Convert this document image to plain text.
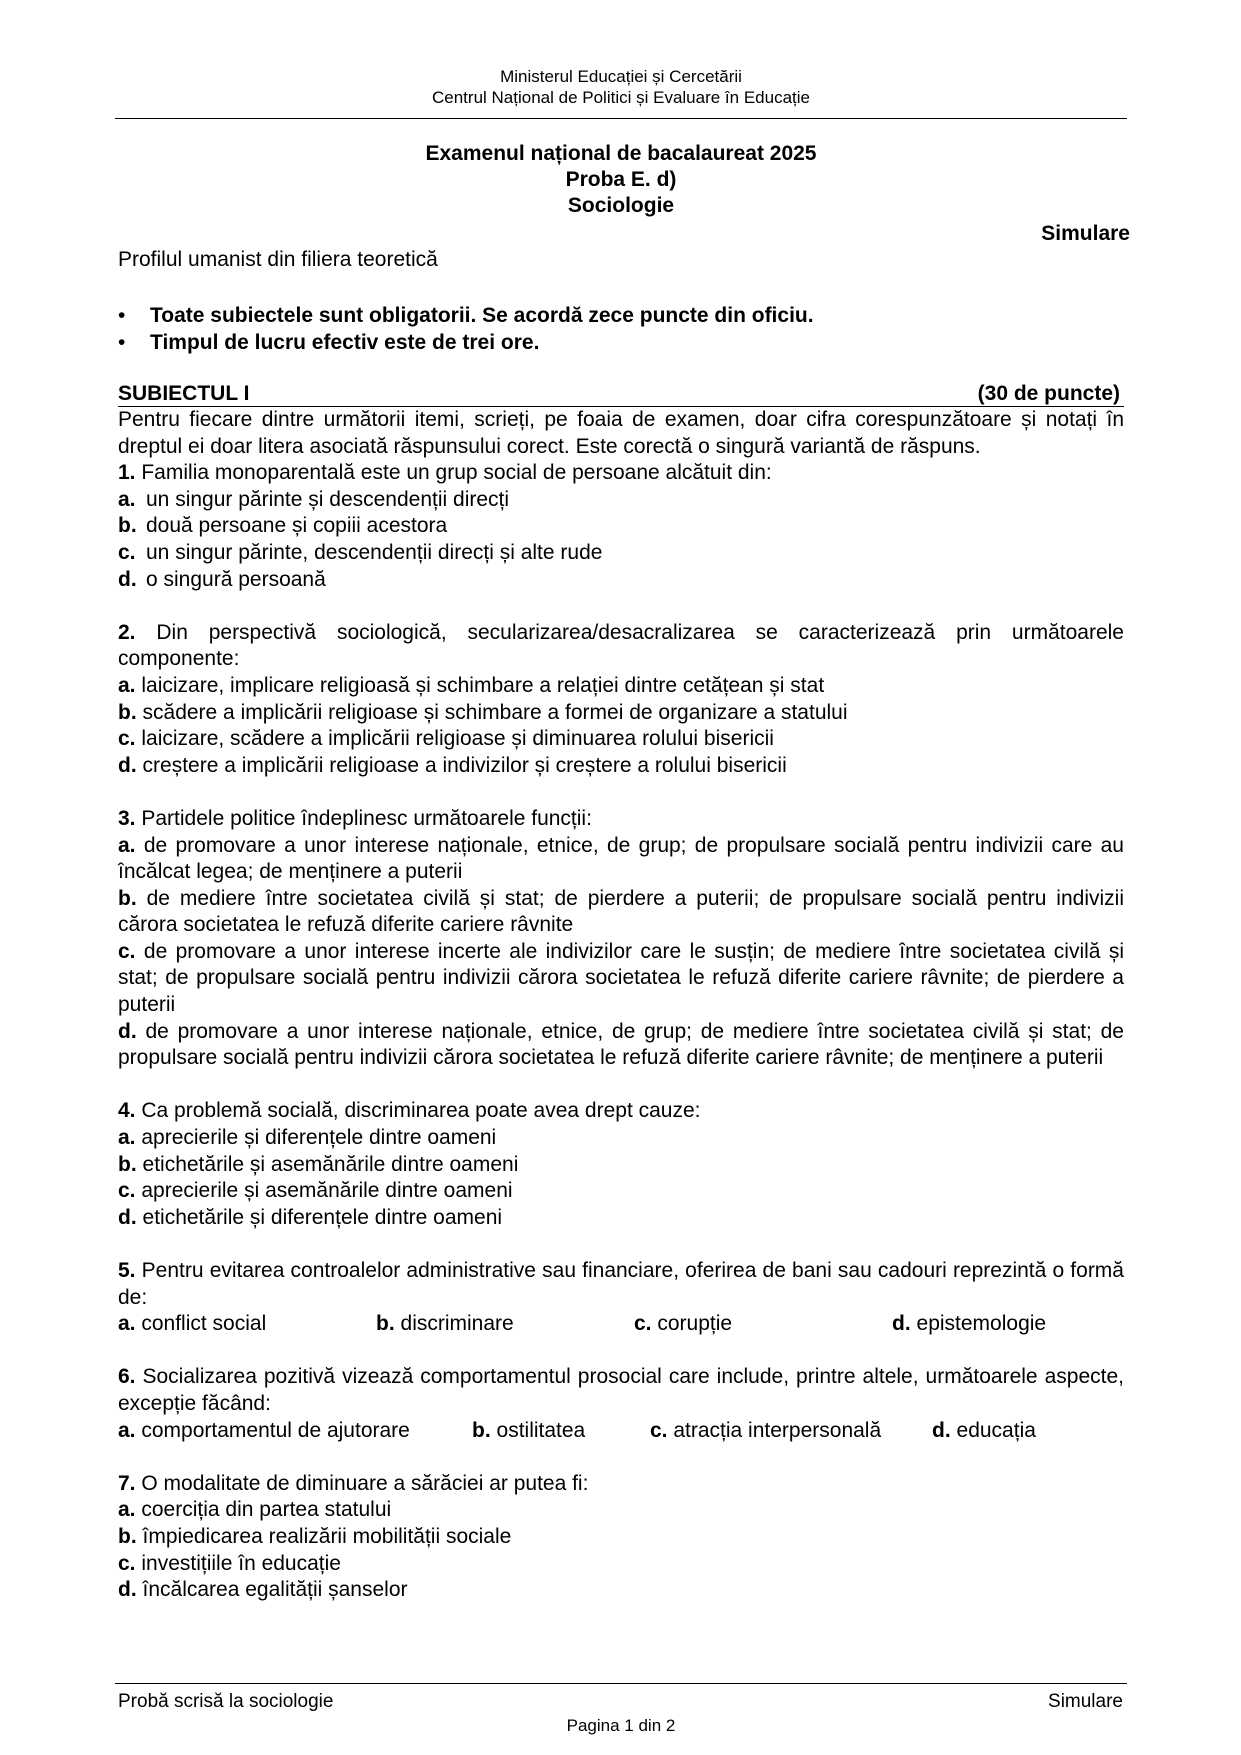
Ministerul Educației și Cercetării
Centrul Național de Politici și Evaluare în Educație
Examenul național de bacalaureat 2025
Proba E. d)
Sociologie
Simulare
Profilul umanist din filiera teoretică
•	Toate subiectele sunt obligatorii. Se acordă zece puncte din oficiu.
•	Timpul de lucru efectiv este de trei ore.
SUBIECTUL I	(30 de puncte)
Pentru fiecare dintre următorii itemi, scrieți, pe foaia de examen, doar cifra corespunzătoare și notați în dreptul ei doar litera asociată răspunsului corect. Este corectă o singură variantă de răspuns.
1. Familia monoparentală este un grup social de persoane alcătuit din:
a. un singur părinte și descendenții direcți
b. două persoane și copiii acestora
c. un singur părinte, descendenții direcți și alte rude
d. o singură persoană
2. Din perspectivă sociologică, secularizarea/desacralizarea se caracterizează prin următoarele componente:
a. laicizare, implicare religioasă și schimbare a relației dintre cetățean și stat
b. scădere a implicării religioase și schimbare a formei de organizare a statului
c. laicizare, scădere a implicării religioase și diminuarea rolului bisericii
d. creștere a implicării religioase a indivizilor și creștere a rolului bisericii
3. Partidele politice îndeplinesc următoarele funcții:
a. de promovare a unor interese naționale, etnice, de grup; de propulsare socială pentru indivizii care au încălcat legea; de menținere a puterii
b. de mediere între societatea civilă și stat; de pierdere a puterii; de propulsare socială pentru indivizii cărora societatea le refuză diferite cariere râvnite
c. de promovare a unor interese incerte ale indivizilor care le susțin; de mediere între societatea civilă și stat; de propulsare socială pentru indivizii cărora societatea le refuză diferite cariere râvnite; de pierdere a puterii
d. de promovare a unor interese naționale, etnice, de grup; de mediere între societatea civilă și stat; de propulsare socială pentru indivizii cărora societatea le refuză diferite cariere râvnite; de menținere a puterii
4. Ca problemă socială, discriminarea poate avea drept cauze:
a. aprecierile și diferențele dintre oameni
b. etichetările și asemănările dintre oameni
c. aprecierile și asemănările dintre oameni
d. etichetările și diferențele dintre oameni
5. Pentru evitarea controalelor administrative sau financiare, oferirea de bani sau cadouri reprezintă o formă de:
a. conflict social	b. discriminare	c. corupție	d. epistemologie
6. Socializarea pozitivă vizează comportamentul prosocial care include, printre altele, următoarele aspecte, excepție făcând:
a. comportamentul de ajutorare	b. ostilitatea	c. atracția interpersonală	d. educația
7. O modalitate de diminuare a sărăciei ar putea fi:
a. coerciția din partea statului
b. împiedicarea realizării mobilității sociale
c. investițiile în educație
d. încălcarea egalității șanselor
Probă scrisă la sociologie	Simulare
Pagina 1 din 2
